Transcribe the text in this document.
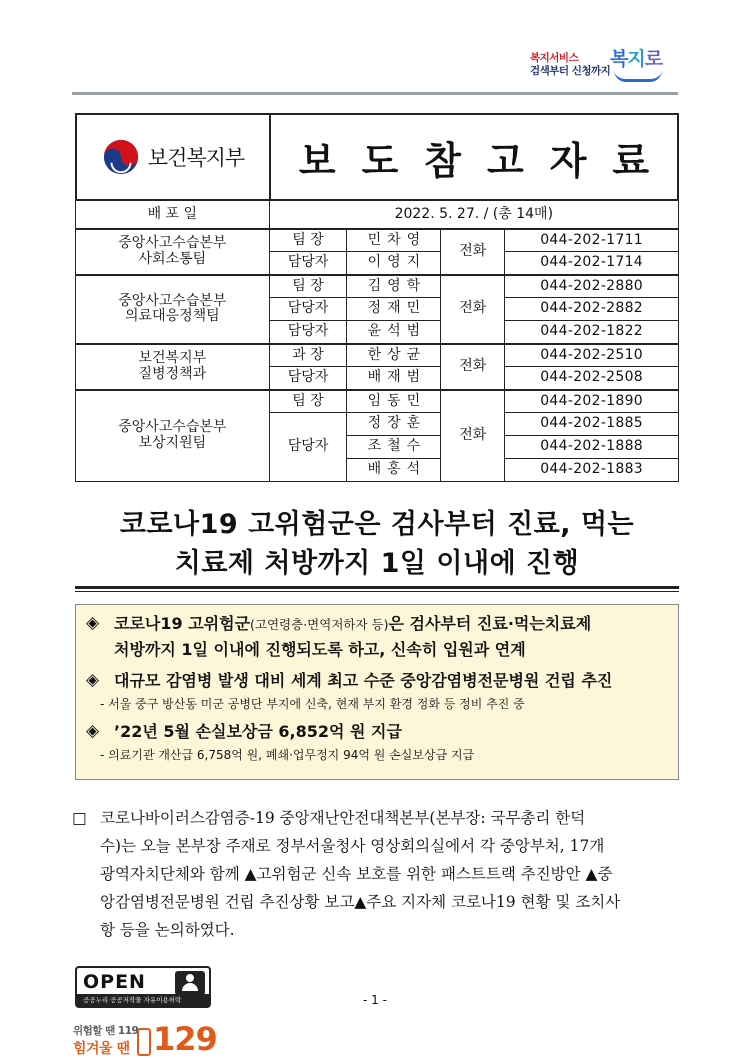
복지서비스
검색부터 신청까지
복지로
보건복지부	보도참고자료
배 포 일	2022. 5. 27. / (총 14매)			

중앙사고수습본부
사회소통팀	팀 장	민차영	전화	044-202-1711
	담당자	이영지		044-202-1714

중앙사고수습본부
의료대응정책팀	팀 장	김영학	전화	044-202-2880
	담당자	정재민		044-202-2882
	담당자	윤석범		044-202-1822

보건복지부
질병정책과	과 장	한상균	전화	044-202-2510
	담당자	배재범		044-202-2508

중앙사고수습본부
보상지원팀	팀 장	임동민	전화	044-202-1890
	담당자	정장훈		044-202-1885
		조철수		044-202-1888
		배홍석		044-202-1883
코로나19 고위험군은 검사부터 진료, 먹는
치료제 처방까지 1일 이내에 진행
◈ 코로나19 고위험군(고연령층·면역저하자 등)은 검사부터 진료·먹는치료제
처방까지 1일 이내에 진행되도록 하고, 신속히 입원과 연계
◈ 대규모 감염병 발생 대비 세계 최고 수준 중앙감염병전문병원 건립 추진
- 서울 중구 방산동 미군 공병단 부지에 신축, 현재 부지 환경 정화 등 정비 추진 중
◈ ’22년 5월 손실보상금 6,852억 원 지급
- 의료기관 개산급 6,758억 원, 폐쇄·업무정지 94억 원 손실보상금 지급
□ 코로나바이러스감염증-19 중앙재난안전대책본부(본부장: 국무총리 한덕
수)는 오늘 본부장 주재로 정부서울청사 영상회의실에서 각 중앙부처, 17개
광역자치단체와 함께 ▲고위험군 신속 보호를 위한 패스트트랙 추진방안 ▲중
앙감염병전문병원 건립 추진상황 보고▲주요 지자체 코로나19 현황 및 조치사
항 등을 논의하였다.
OPEN
공공누리 공공저작물 자유이용허락	- 1 -
위험할 땐 119
힘겨울 땐 129
